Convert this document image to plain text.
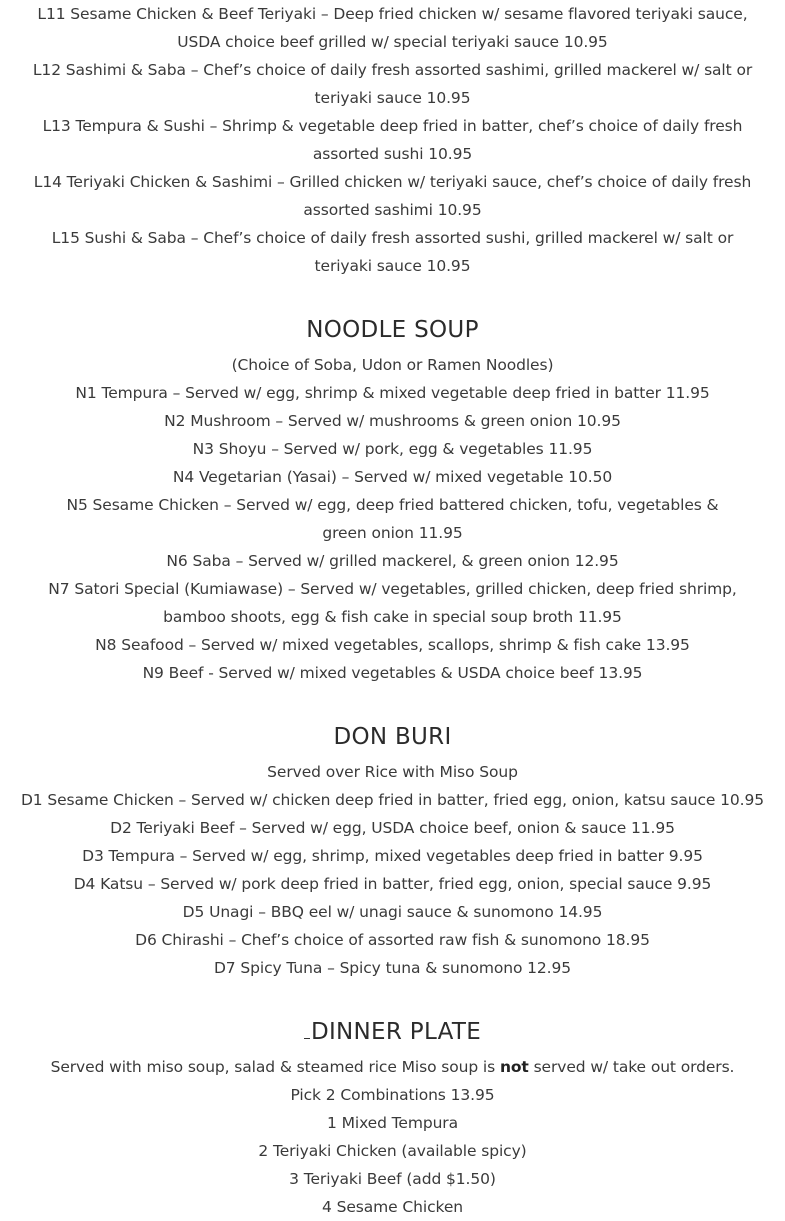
L11 Sesame Chicken & Beef Teriyaki – Deep fried chicken w/ sesame flavored teriyaki sauce, USDA choice beef grilled w/ special teriyaki sauce 10.95

L12 Sashimi & Saba – Chef’s choice of daily fresh assorted sashimi, grilled mackerel w/ salt or teriyaki sauce 10.95

L13 Tempura & Sushi – Shrimp & vegetable deep fried in batter, chef’s choice of daily fresh assorted sushi 10.95

L14 Teriyaki Chicken & Sashimi – Grilled chicken w/ teriyaki sauce, chef’s choice of daily fresh assorted sashimi 10.95

L15 Sushi & Saba – Chef’s choice of daily fresh assorted sushi, grilled mackerel w/ salt or teriyaki sauce 10.95

NOODLE SOUP

(Choice of Soba, Udon or Ramen Noodles)

N1 Tempura – Served w/ egg, shrimp & mixed vegetable deep fried in batter 11.95

N2 Mushroom – Served w/ mushrooms & green onion 10.95

N3 Shoyu – Served w/ pork, egg & vegetables 11.95

N4 Vegetarian (Yasai) – Served w/ mixed vegetable 10.50

N5 Sesame Chicken – Served w/ egg, deep fried battered chicken, tofu, vegetables & green onion 11.95

N6 Saba – Served w/ grilled mackerel, & green onion 12.95

N7 Satori Special (Kumiawase) – Served w/ vegetables, grilled chicken, deep fried shrimp, bamboo shoots, egg & fish cake in special soup broth 11.95

N8 Seafood – Served w/ mixed vegetables, scallops, shrimp & fish cake 13.95

N9 Beef - Served w/ mixed vegetables & USDA choice beef 13.95

DON BURI

Served over Rice with Miso Soup

D1 Sesame Chicken – Served w/ chicken deep fried in batter, fried egg, onion, katsu sauce 10.95

D2 Teriyaki Beef – Served w/ egg, USDA choice beef, onion & sauce 11.95

D3 Tempura – Served w/ egg, shrimp, mixed vegetables deep fried in batter 9.95

D4 Katsu – Served w/ pork deep fried in batter, fried egg, onion, special sauce 9.95

D5 Unagi – BBQ eel w/ unagi sauce & sunomono 14.95

D6 Chirashi – Chef’s choice of assorted raw fish & sunomono 18.95

D7 Spicy Tuna – Spicy tuna & sunomono 12.95

DINNER PLATE

Served with miso soup, salad & steamed rice Miso soup is not served w/ take out orders.

Pick 2 Combinations 13.95

1 Mixed Tempura

2 Teriyaki Chicken (available spicy)

3 Teriyaki Beef (add $1.50)

4 Sesame Chicken
